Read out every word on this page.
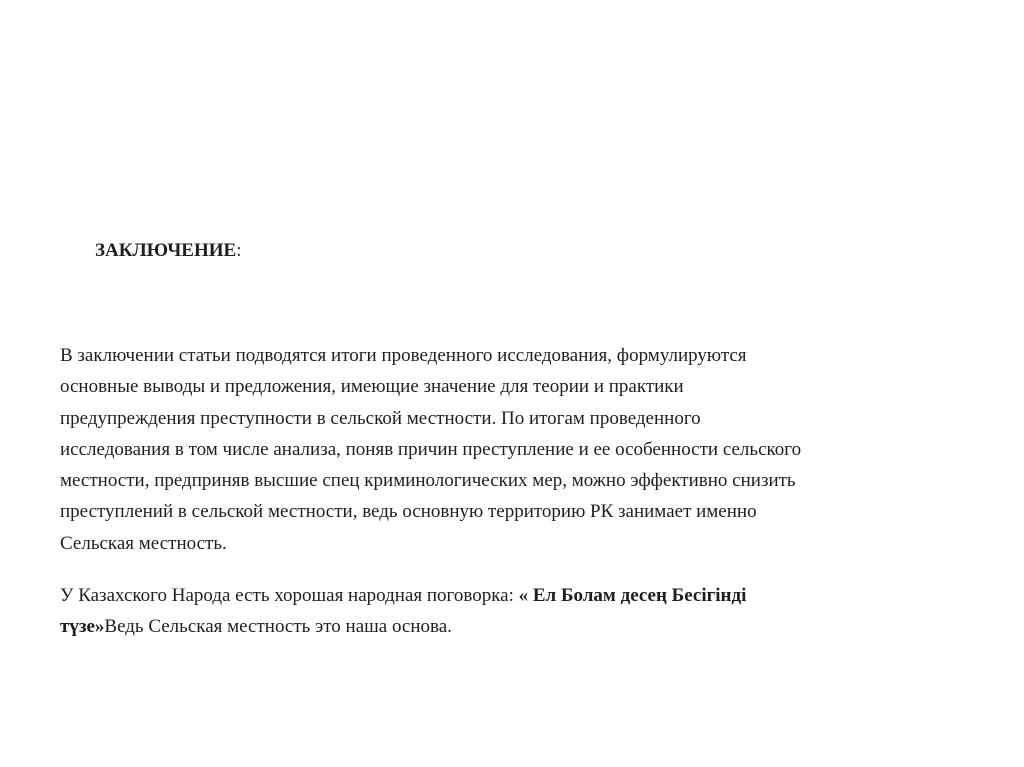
ЗАКЛЮЧЕНИЕ:

В заключении статьи подводятся итоги проведенного исследования, формулируются
основные выводы и предложения, имеющие значение для теории и практики
предупреждения преступности в сельской местности. По итогам проведенного
исследования в том числе анализа, поняв причин преступление и ее особенности сельского
местности, предприняв высшие спец криминологических мер, можно эффективно снизить
преступлений в сельской местности, ведь основную территорию РК занимает именно
Сельская местность.

У Казахского Народа есть хорошая народная поговорка: « Ел Болам десең Бесігінді
түзе»Ведь Сельская местность это наша основа.
